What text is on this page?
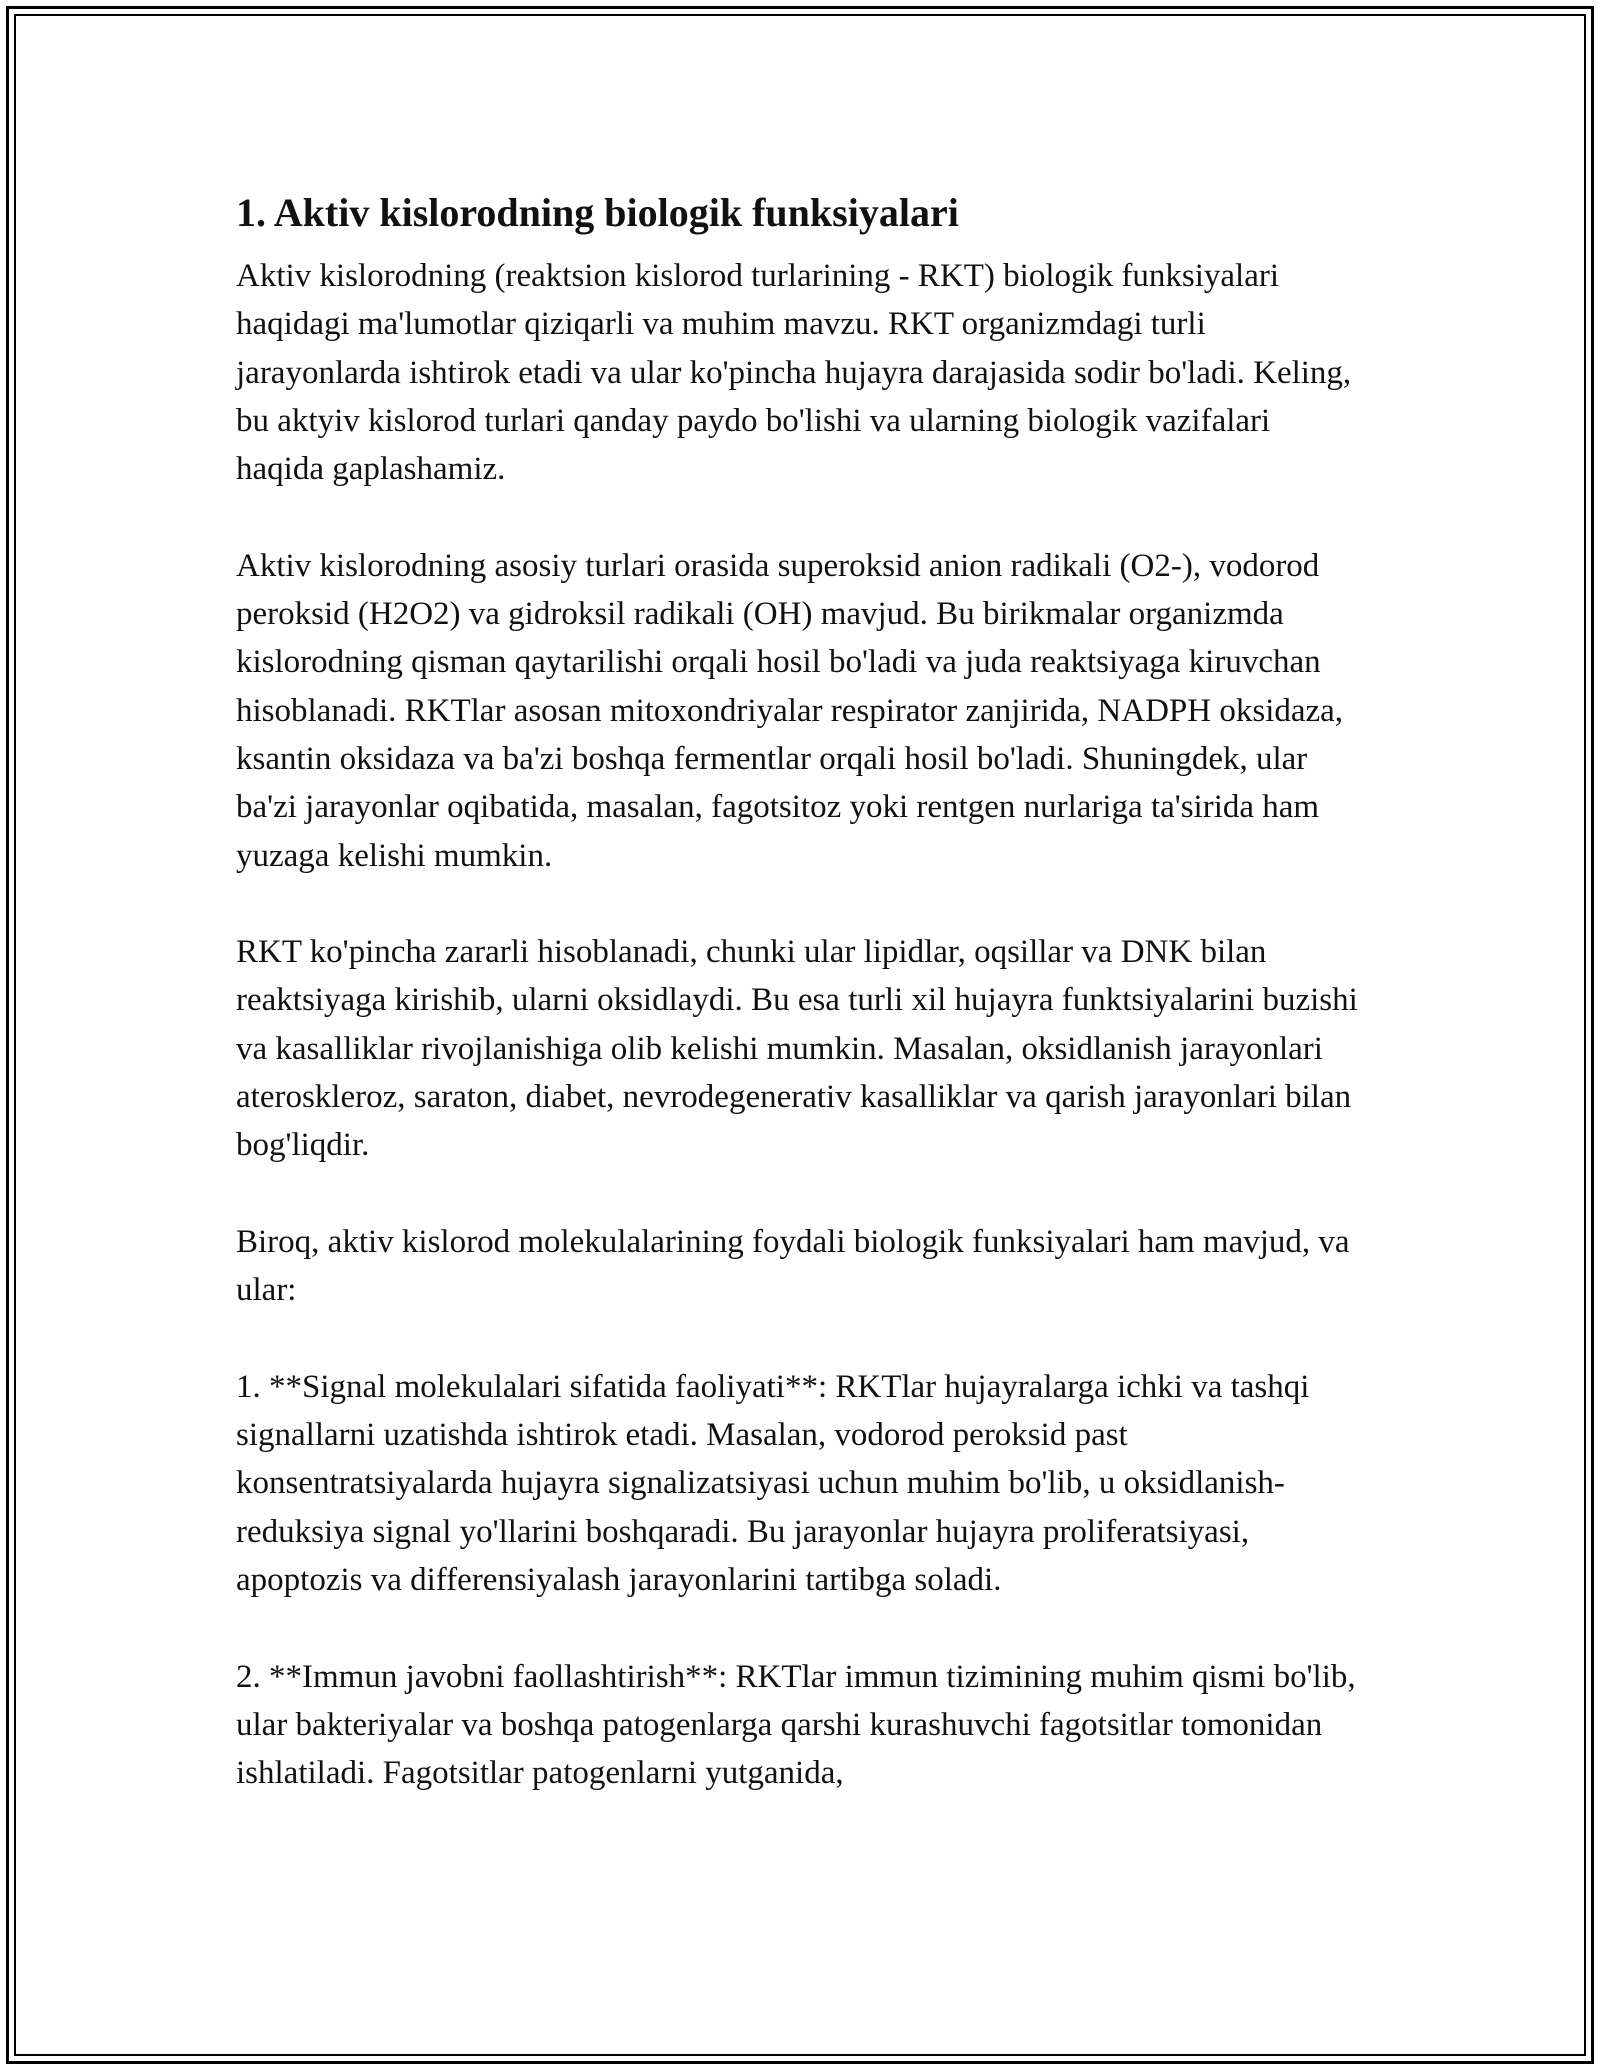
1. Aktiv kislorodning biologik funksiyalari

Aktiv kislorodning (reaktsion kislorod turlarining - RKT) biologik funksiyalari haqidagi ma'lumotlar qiziqarli va muhim mavzu. RKT organizmdagi turli jarayonlarda ishtirok etadi va ular ko'pincha hujayra darajasida sodir bo'ladi. Keling, bu aktyiv kislorod turlari qanday paydo bo'lishi va ularning biologik vazifalari haqida gaplashamiz.

Aktiv kislorodning asosiy turlari orasida superoksid anion radikali (O2-), vodorod peroksid (H2O2) va gidroksil radikali (OH) mavjud. Bu birikmalar organizmda kislorodning qisman qaytarilishi orqali hosil bo'ladi va juda reaktsiyaga kiruvchan hisoblanadi. RKTlar asosan mitoxondriyalar respirator zanjirida, NADPH oksidaza, ksantin oksidaza va ba'zi boshqa fermentlar orqali hosil bo'ladi. Shuningdek, ular ba'zi jarayonlar oqibatida, masalan, fagotsitoz yoki rentgen nurlariga ta'sirida ham yuzaga kelishi mumkin.

RKT ko'pincha zararli hisoblanadi, chunki ular lipidlar, oqsillar va DNK bilan reaktsiyaga kirishib, ularni oksidlaydi. Bu esa turli xil hujayra funktsiyalarini buzishi va kasalliklar rivojlanishiga olib kelishi mumkin. Masalan, oksidlanish jarayonlari ateroskleroz, saraton, diabet, nevrodegenerativ kasalliklar va qarish jarayonlari bilan bog'liqdir.

Biroq, aktiv kislorod molekulalarining foydali biologik funksiyalari ham mavjud, va ular:

1. **Signal molekulalari sifatida faoliyati**: RKTlar hujayralarga ichki va tashqi signallarni uzatishda ishtirok etadi. Masalan, vodorod peroksid past konsentratsiyalarda hujayra signalizatsiyasi uchun muhim bo'lib, u oksidlanish-reduksiya signal yo'llarini boshqaradi. Bu jarayonlar hujayra proliferatsiyasi, apoptozis va differensiyalash jarayonlarini tartibga soladi.

2. **Immun javobni faollashtirish**: RKTlar immun tizimining muhim qismi bo'lib, ular bakteriyalar va boshqa patogenlarga qarshi kurashuvchi fagotsitlar tomonidan ishlatiladi. Fagotsitlar patogenlarni yutganida,
